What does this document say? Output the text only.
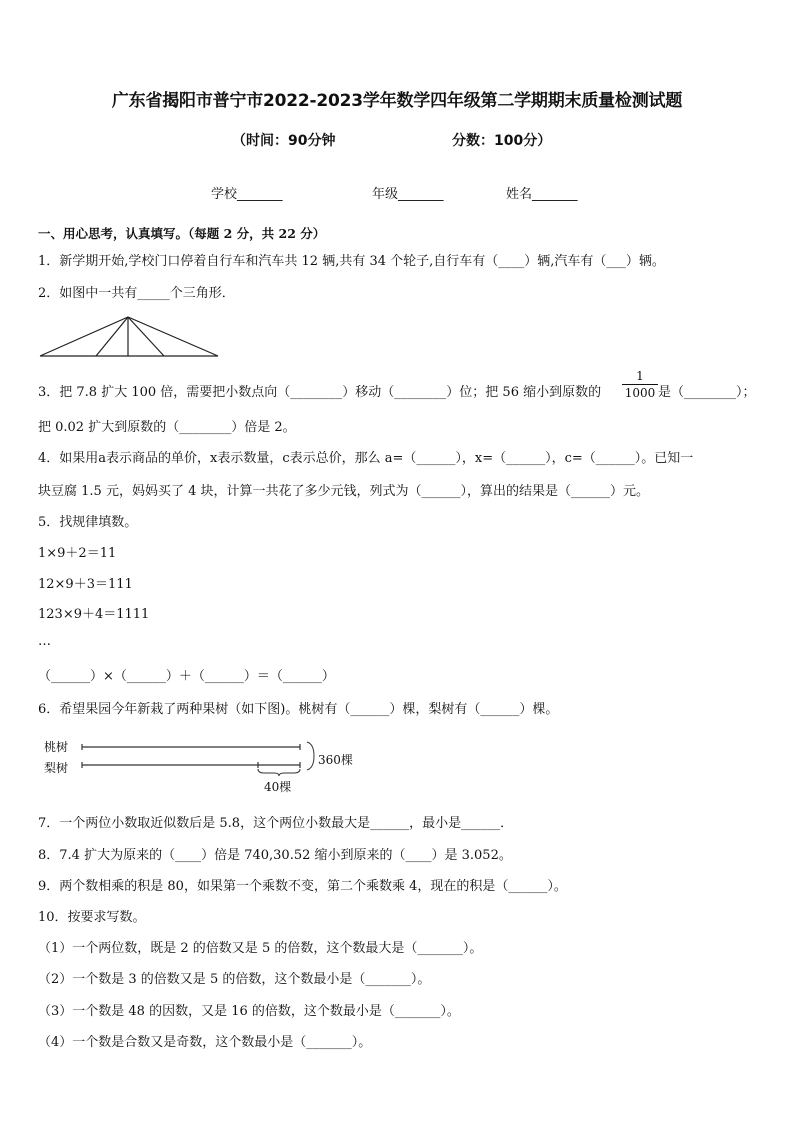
广东省揭阳市普宁市2022-2023学年数学四年级第二学期期末质量检测试题
（时间：90分钟	分数：100分）
学校_______	年级_______	姓名_______
一、用心思考，认真填写。（每题 2 分，共 22 分）
1．新学期开始,学校门口停着自行车和汽车共 12 辆,共有 34 个轮子,自行车有（____）辆,汽车有（___）辆。
2．如图中一共有_____个三角形．
3．把 7.8 扩大 100 倍，需要把小数点向（________）移动（________）位；把 56 缩小到原数的
1
1000 是（________）；
把 0.02 扩大到原数的（________）倍是 2。
4．如果用a表示商品的单价，x表示数量，c表示总价，那么 a=（______），x=（______），c=（______）。已知一
块豆腐 1.5 元，妈妈买了 4 块，计算一共花了多少元钱，列式为（______），算出的结果是（______）元。
5．找规律填数。
1×9＋2＝11
12×9＋3＝111
123×9＋4＝1111
…
（______）×（______）＋（______）＝（______）
6．希望果园今年新栽了两种果树（如下图)。桃树有（______）棵，梨树有（______）棵。
桃树
梨树
360棵
40棵
7．一个两位小数取近似数后是 5.8，这个两位小数最大是______，最小是______．
8．7.4 扩大为原来的（____）倍是 740,30.52 缩小到原来的（____）是 3.052。
9．两个数相乘的积是 80，如果第一个乘数不变，第二个乘数乘 4，现在的积是（______）。
10．按要求写数。
（1）一个两位数，既是 2 的倍数又是 5 的倍数，这个数最大是（_______）。
（2）一个数是 3 的倍数又是 5 的倍数，这个数最小是（_______）。
（3）一个数是 48 的因数，又是 16 的倍数，这个数最小是（_______）。
（4）一个数是合数又是奇数，这个数最小是（_______）。
